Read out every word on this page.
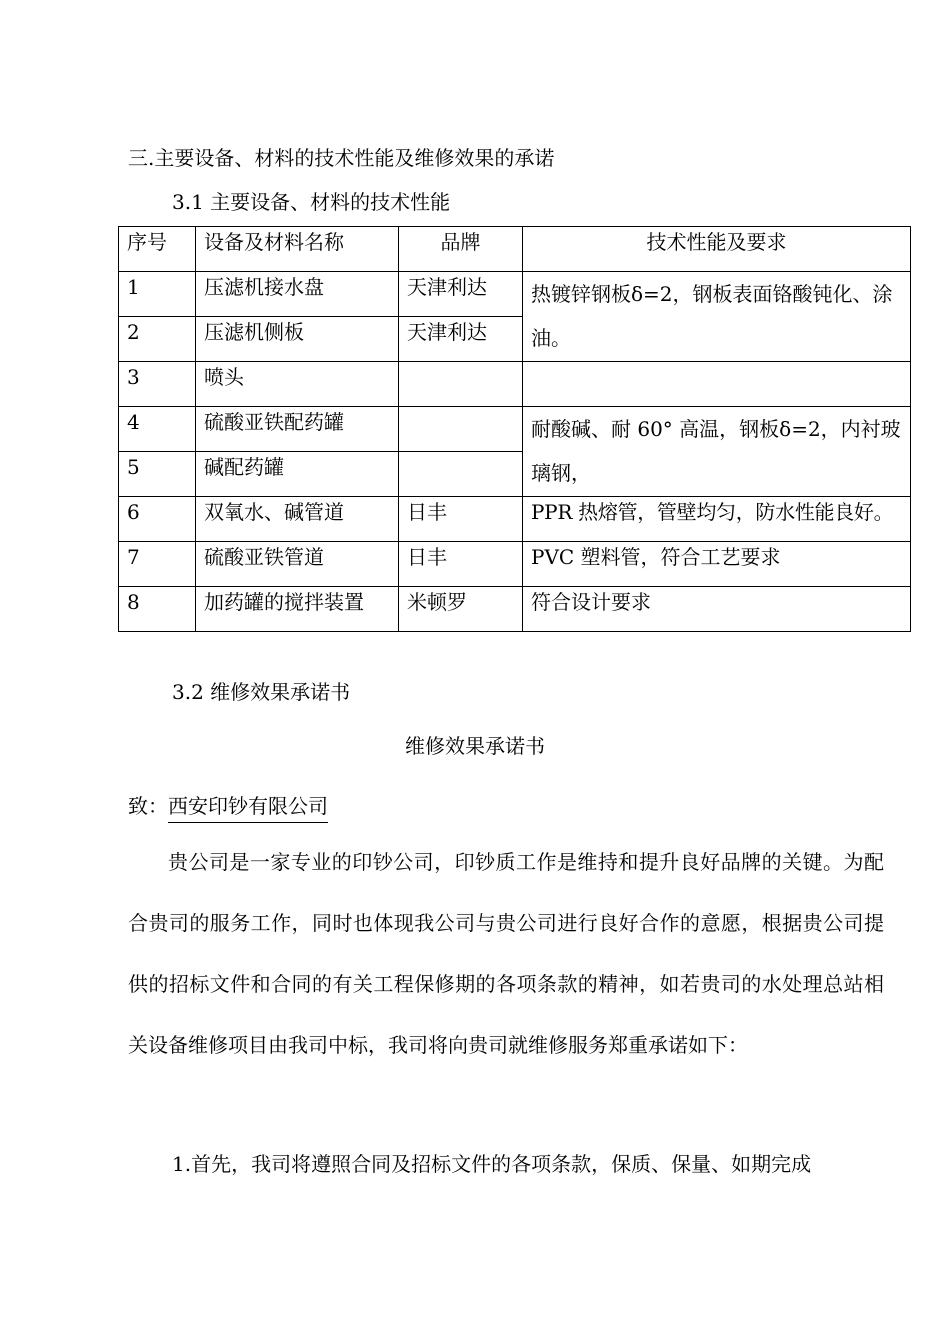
三.主要设备、材料的技术性能及维修效果的承诺
3.1 主要设备、材料的技术性能
序号	设备及材料名称	品牌	技术性能及要求
1	压滤机接水盘	天津利达	热镀锌钢板δ=2，钢板表面铬酸钝化、涂油。

2	压滤机侧板	天津利达	
3	喷头		
4	硫酸亚铁配药罐		耐酸碱、耐 60° 高温，钢板δ=2，内衬玻璃钢，

5	碱配药罐		
6	双氧水、碱管道	日丰	PPR 热熔管，管壁均匀，防水性能良好。
7	硫酸亚铁管道	日丰	PVC 塑料管，符合工艺要求
8	加药罐的搅拌装置	米顿罗	符合设计要求
3.2 维修效果承诺书
维修效果承诺书
致：西安印钞有限公司
贵公司是一家专业的印钞公司，印钞质工作是维持和提升良好品牌的关键。为配合贵司的服务工作，同时也体现我公司与贵公司进行良好合作的意愿，根据贵公司提供的招标文件和合同的有关工程保修期的各项条款的精神，如若贵司的水处理总站相关设备维修项目由我司中标，我司将向贵司就维修服务郑重承诺如下：
1.首先，我司将遵照合同及招标文件的各项条款，保质、保量、如期完成
